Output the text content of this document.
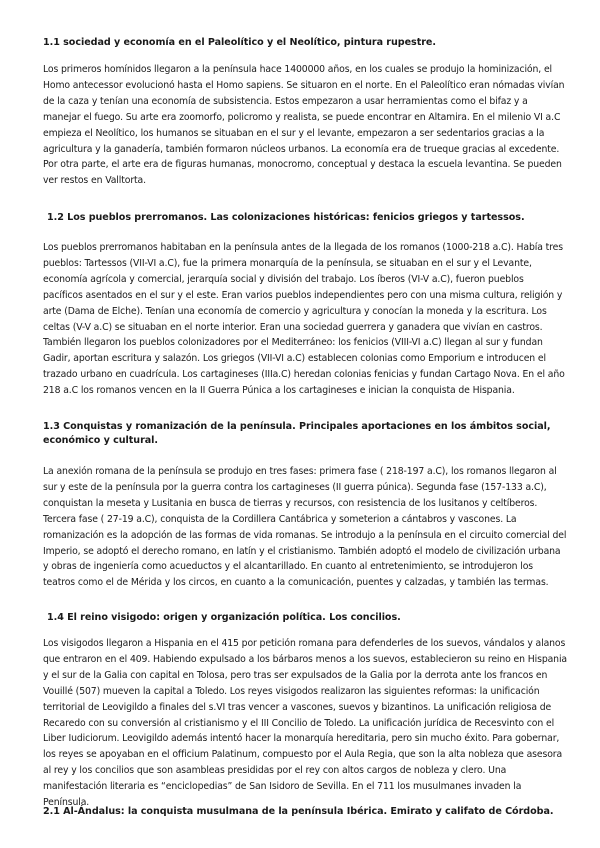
1.1 sociedad y economía en el Paleolítico y el Neolítico, pintura rupestre.

Los primeros homínidos llegaron a la península hace 1400000 años, en los cuales se produjo la hominización, el Homo antecessor evolucionó hasta el Homo sapiens. Se situaron en el norte. En el Paleolítico eran nómadas vivían de la caza y tenían una economía de subsistencia. Estos empezaron a usar herramientas como el bifaz y a manejar el fuego. Su arte era zoomorfo, policromo y realista, se puede encontrar en Altamira. En el milenio VI a.C empieza el Neolítico, los humanos se situaban en el sur y el levante, empezaron a ser sedentarios gracias a la agricultura y la ganadería, también formaron núcleos urbanos. La economía era de trueque gracias al excedente. Por otra parte, el arte era de figuras humanas, monocromo, conceptual y destaca la escuela levantina. Se pueden ver restos en Valltorta.

1.2 Los pueblos prerromanos. Las colonizaciones históricas: fenicios griegos y tartessos.

Los pueblos prerromanos habitaban en la península antes de la llegada de los romanos (1000-218 a.C). Había tres pueblos: Tartessos (VII-VI a.C), fue la primera monarquía de la península, se situaban en el sur y el Levante, economía agrícola y comercial, jerarquía social y división del trabajo. Los íberos (VI-V a.C), fueron pueblos pacíficos asentados en el sur y el este. Eran varios pueblos independientes pero con una misma cultura, religión y arte (Dama de Elche). Tenían una economía de comercio y agricultura y conocían la moneda y la escritura. Los celtas (V-V a.C) se situaban en el norte interior. Eran una sociedad guerrera y ganadera que vivían en castros. También llegaron los pueblos colonizadores por el Mediterráneo: los fenicios (VIII-VI a.C) llegan al sur y fundan Gadir, aportan escritura y salazón. Los griegos (VII-VI a.C) establecen colonias como Emporium e introducen el trazado urbano en cuadrícula. Los cartagineses (IIIa.C) heredan colonias fenicias y fundan Cartago Nova. En el año 218 a.C los romanos vencen en la II Guerra Púnica a los cartagineses e inician la conquista de Hispania.

1.3 Conquistas y romanización de la península. Principales aportaciones en los ámbitos social, económico y cultural.

La anexión romana de la península se produjo en tres fases: primera fase ( 218-197 a.C), los romanos llegaron al sur y este de la península por la guerra contra los cartagineses (II guerra púnica). Segunda fase (157-133 a.C), conquistan la meseta y Lusitania en busca de tierras y recursos, con resistencia de los lusitanos y celtíberos. Tercera fase ( 27-19 a.C), conquista de la Cordillera Cantábrica y someterion a cántabros y vascones. La romanización es la adopción de las formas de vida romanas. Se introdujo a la península en el circuito comercial del Imperio, se adoptó el derecho romano, en latín y el cristianismo. También adoptó el modelo de civilización urbana y obras de ingeniería como acueductos y el alcantarillado. En cuanto al entretenimiento, se introdujeron los teatros como el de Mérida y los circos, en cuanto a la comunicación, puentes y calzadas, y también las termas.

1.4 El reino visigodo: origen y organización política. Los concilios.

Los visigodos llegaron a Hispania en el 415 por petición romana para defenderles de los suevos, vándalos y alanos que entraron en el 409. Habiendo expulsado a los bárbaros menos a los suevos, establecieron su reino en Hispania y el sur de la Galia con capital en Tolosa, pero tras ser expulsados de la Galia por la derrota ante los francos en Vouillé (507) mueven la capital a Toledo. Los reyes visigodos realizaron las siguientes reformas: la unificación territorial de Leovigildo a finales del s.VI tras vencer a vascones, suevos y bizantinos. La unificación religiosa de Recaredo con su conversión al cristianismo y el III Concilio de Toledo. La unificación jurídica de Recesvinto con el Liber Iudiciorum. Leovigildo además intentó hacer la monarquía hereditaria, pero sin mucho éxito. Para gobernar, los reyes se apoyaban en el officium Palatinum, compuesto por el Aula Regia, que son la alta nobleza que asesora al rey y los concilios que son asambleas presididas por el rey con altos cargos de nobleza y clero. Una manifestación literaria es “enciclopedias” de San Isidoro de Sevilla. En el 711 los musulmanes invaden la Península.

2.1 Al-Ándalus: la conquista musulmana de la península Ibérica. Emirato y califato de Córdoba.
